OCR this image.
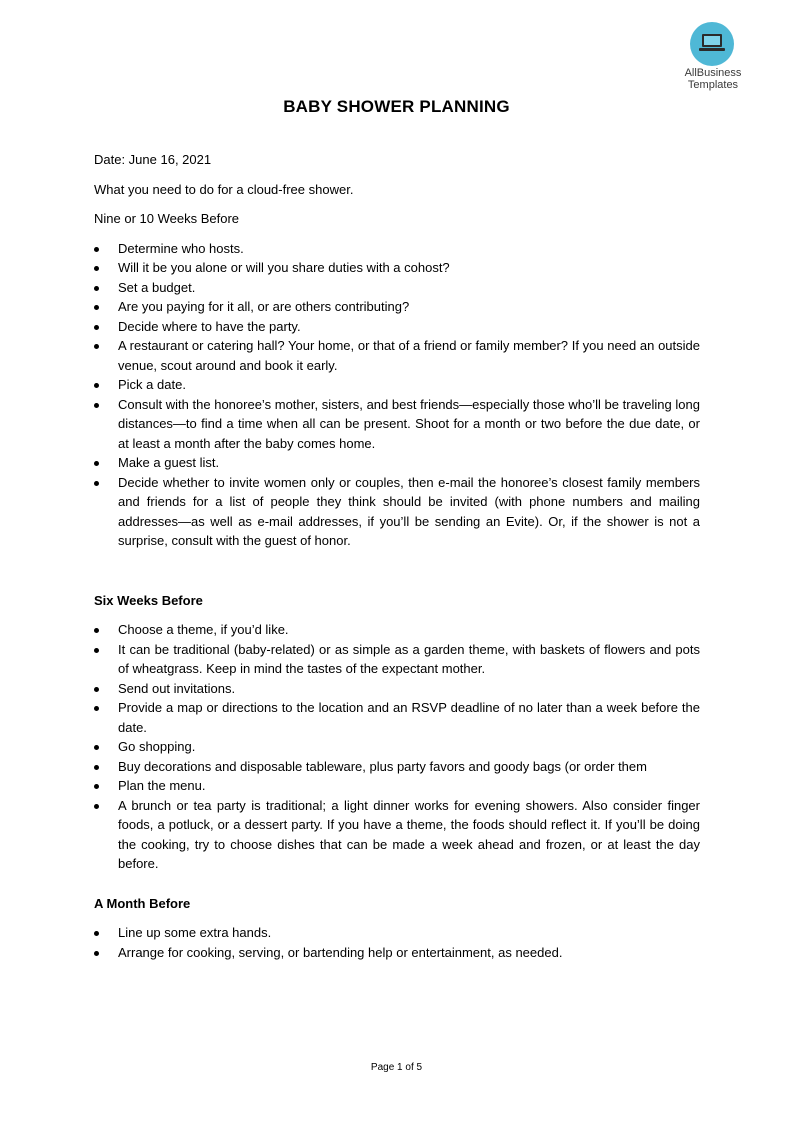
AllBusiness
Templates
BABY SHOWER PLANNING

Date: June 16, 2021

What you need to do for a cloud-free shower.

Nine or 10 Weeks Before

Determine who hosts.
Will it be you alone or will you share duties with a cohost?
Set a budget.
Are you paying for it all, or are others contributing?
Decide where to have the party.
A restaurant or catering hall? Your home, or that of a friend or family member? If you need an outside venue, scout around and book it early.
Pick a date.
Consult with the honoree’s mother, sisters, and best friends—especially those who’ll be traveling long distances—to find a time when all can be present. Shoot for a month or two before the due date, or at least a month after the baby comes home.
Make a guest list.
Decide whether to invite women only or couples, then e-mail the honoree’s closest family members and friends for a list of people they think should be invited (with phone numbers and mailing addresses—as well as e-mail addresses, if you’ll be sending an Evite). Or, if the shower is not a surprise, consult with the guest of honor.

Six Weeks Before

Choose a theme, if you’d like.
It can be traditional (baby-related) or as simple as a garden theme, with baskets of flowers and pots of wheatgrass. Keep in mind the tastes of the expectant mother.
Send out invitations.
Provide a map or directions to the location and an RSVP deadline of no later than a week before the date.
Go shopping.
Buy decorations and disposable tableware, plus party favors and goody bags (or order them
Plan the menu.
A brunch or tea party is traditional; a light dinner works for evening showers. Also consider finger foods, a potluck, or a dessert party. If you have a theme, the foods should reflect it. If you’ll be doing the cooking, try to choose dishes that can be made a week ahead and frozen, or at least the day before.

A Month Before

Line up some extra hands.
Arrange for cooking, serving, or bartending help or entertainment, as needed.
Page 1 of 5
